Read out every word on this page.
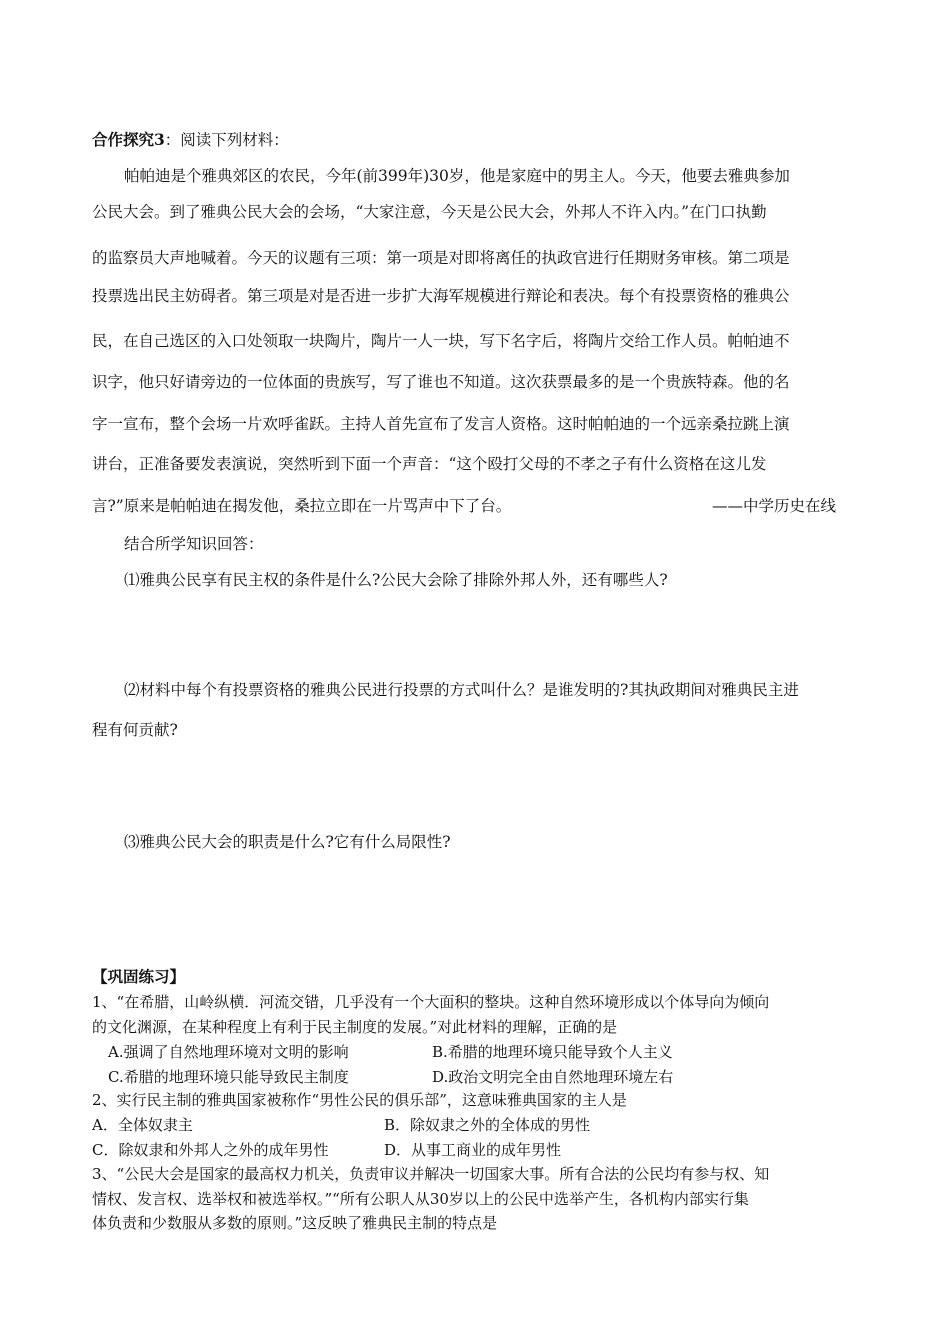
合作探究3：阅读下列材料：
帕帕迪是个雅典郊区的农民，今年(前399年)30岁，他是家庭中的男主人。今天，他要去雅典参加
公民大会。到了雅典公民大会的会场，“大家注意，今天是公民大会，外邦人不许入内。”在门口执勤
的监察员大声地喊着。今天的议题有三项：第一项是对即将离任的执政官进行任期财务审核。第二项是
投票选出民主妨碍者。第三项是对是否进一步扩大海军规模进行辩论和表决。每个有投票资格的雅典公
民，在自己选区的入口处领取一块陶片，陶片一人一块，写下名字后，将陶片交给工作人员。帕帕迪不
识字，他只好请旁边的一位体面的贵族写，写了谁也不知道。这次获票最多的是一个贵族特森。他的名
字一宣布，整个会场一片欢呼雀跃。主持人首先宣布了发言人资格。这时帕帕迪的一个远亲桑拉跳上演
讲台，正准备要发表演说，突然听到下面一个声音：“这个殴打父母的不孝之子有什么资格在这儿发
言?”原来是帕帕迪在揭发他，桑拉立即在一片骂声中下了台。	——中学历史在线
结合所学知识回答：
⑴雅典公民享有民主权的条件是什么?公民大会除了排除外邦人外，还有哪些人?
⑵材料中每个有投票资格的雅典公民进行投票的方式叫什么？是谁发明的?其执政期间对雅典民主进
程有何贡献?
⑶雅典公民大会的职责是什么?它有什么局限性?
【巩固练习】
1、“在希腊，山岭纵横．河流交错，几乎没有一个大面积的整块。这种自然环境形成以个体导向为倾向
的文化渊源，在某种程度上有利于民主制度的发展。”对此材料的理解，正确的是
A.强调了自然地理环境对文明的影响	B.希腊的地理环境只能导致个人主义
C.希腊的地理环境只能导致民主制度	D.政治文明完全由自然地理环境左右
2、实行民主制的雅典国家被称作“男性公民的俱乐部”，这意味雅典国家的主人是
A．全体奴隶主	B．除奴隶之外的全体成的男性
C．除奴隶和外邦人之外的成年男性	D．从事工商业的成年男性
3、“公民大会是国家的最高权力机关，负责审议并解决一切国家大事。所有合法的公民均有参与权、知
情权、发言权、选举权和被选举权。”“所有公职人从30岁以上的公民中选举产生，各机构内部实行集
体负责和少数服从多数的原则。”这反映了雅典民主制的特点是
